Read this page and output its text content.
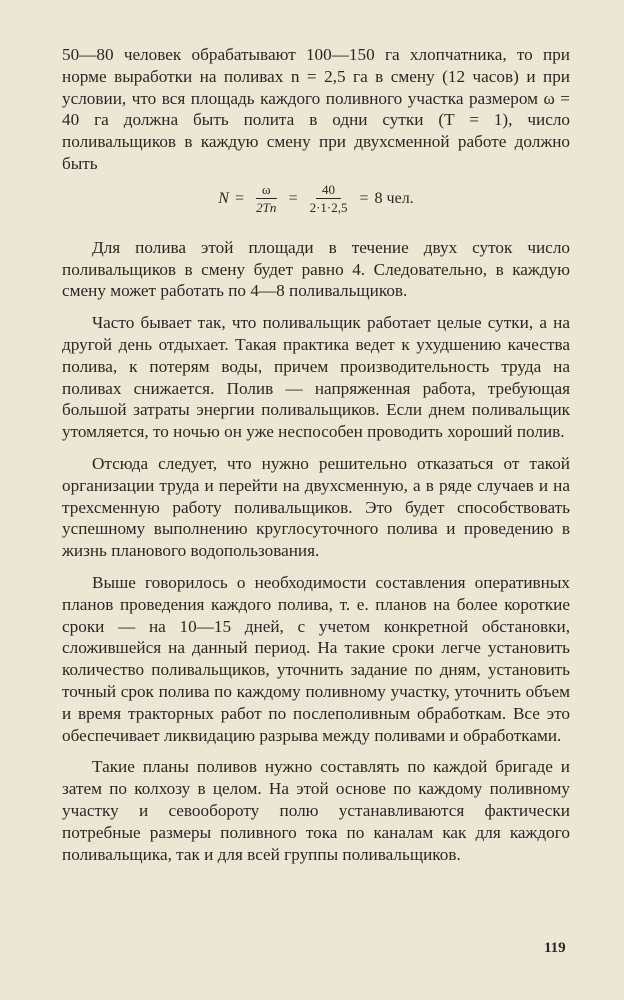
50—80 человек обрабатывают 100—150 га хлопчатника, то при норме выработки на поливах n = 2,5 га в смену (12 часов) и при условии, что вся площадь каждого поливного участка размером ω = 40 га должна быть полита в одни сутки (T = 1), число поливальщиков в каждую смену при двухсменной работе должно быть

$N = \frac{\omega}{2Tn} = \frac{40}{2\cdot 1\cdot 2,5} = 8$ чел.

Для полива этой площади в течение двух суток число поливальщиков в смену будет равно 4. Следовательно, в каждую смену может работать по 4—8 поливальщиков.

Часто бывает так, что поливальщик работает целые сутки, а на другой день отдыхает. Такая практика ведет к ухудшению качества полива, к потерям воды, причем производительность труда на поливах снижается. Полив — напряженная работа, требующая большой затраты энергии поливальщиков. Если днем поливальщик утомляется, то ночью он уже неспособен проводить хороший полив.

Отсюда следует, что нужно решительно отказаться от такой организации труда и перейти на двухсменную, а в ряде случаев и на трехсменную работу поливальщиков. Это будет способствовать успешному выполнению круглосуточного полива и проведению в жизнь планового водопользования.

Выше говорилось о необходимости составления оперативных планов проведения каждого полива, т. е. планов на более короткие сроки — на 10—15 дней, с учетом конкретной обстановки, сложившейся на данный период. На такие сроки легче установить количество поливальщиков, уточнить задание по дням, установить точный срок полива по каждому поливному участку, уточнить объем и время тракторных работ по послеполивным обработкам. Все это обеспечивает ликвидацию разрыва между поливами и обработками.

Такие планы поливов нужно составлять по каждой бригаде и затем по колхозу в целом. На этой основе по каждому поливному участку и севообороту полю устанавливаются фактически потребные размеры поливного тока по каналам как для каждого поливальщика, так и для всей группы поливальщиков.

119
